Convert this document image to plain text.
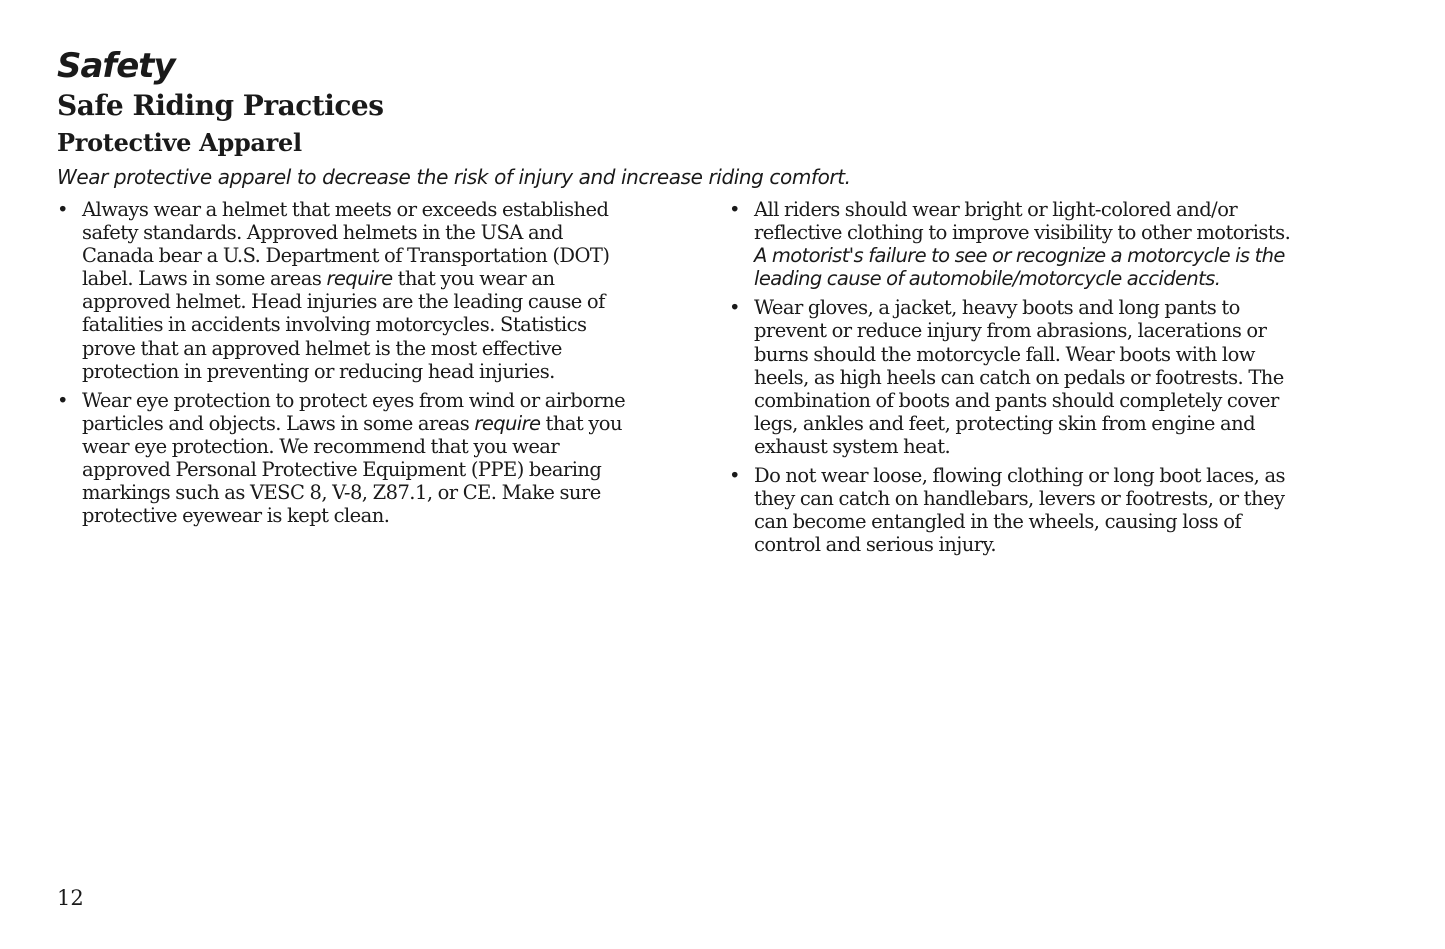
Safety
Safe Riding Practices
Protective Apparel

Wear protective apparel to decrease the risk of injury and increase riding comfort.

• Always wear a helmet that meets or exceeds established
safety standards. Approved helmets in the USA and
Canada bear a U.S. Department of Transportation (DOT)
label. Laws in some areas require that you wear an
approved helmet. Head injuries are the leading cause of
fatalities in accidents involving motorcycles. Statistics
prove that an approved helmet is the most effective
protection in preventing or reducing head injuries.
• Wear eye protection to protect eyes from wind or airborne
particles and objects. Laws in some areas require that you
wear eye protection. We recommend that you wear
approved Personal Protective Equipment (PPE) bearing
markings such as VESC 8, V-8, Z87.1, or CE. Make sure
protective eyewear is kept clean.
• All riders should wear bright or light-colored and/or
reflective clothing to improve visibility to other motorists.
A motorist's failure to see or recognize a motorcycle is the
leading cause of automobile/motorcycle accidents.
• Wear gloves, a jacket, heavy boots and long pants to
prevent or reduce injury from abrasions, lacerations or
burns should the motorcycle fall. Wear boots with low
heels, as high heels can catch on pedals or footrests. The
combination of boots and pants should completely cover
legs, ankles and feet, protecting skin from engine and
exhaust system heat.
• Do not wear loose, flowing clothing or long boot laces, as
they can catch on handlebars, levers or footrests, or they
can become entangled in the wheels, causing loss of
control and serious injury.

12
